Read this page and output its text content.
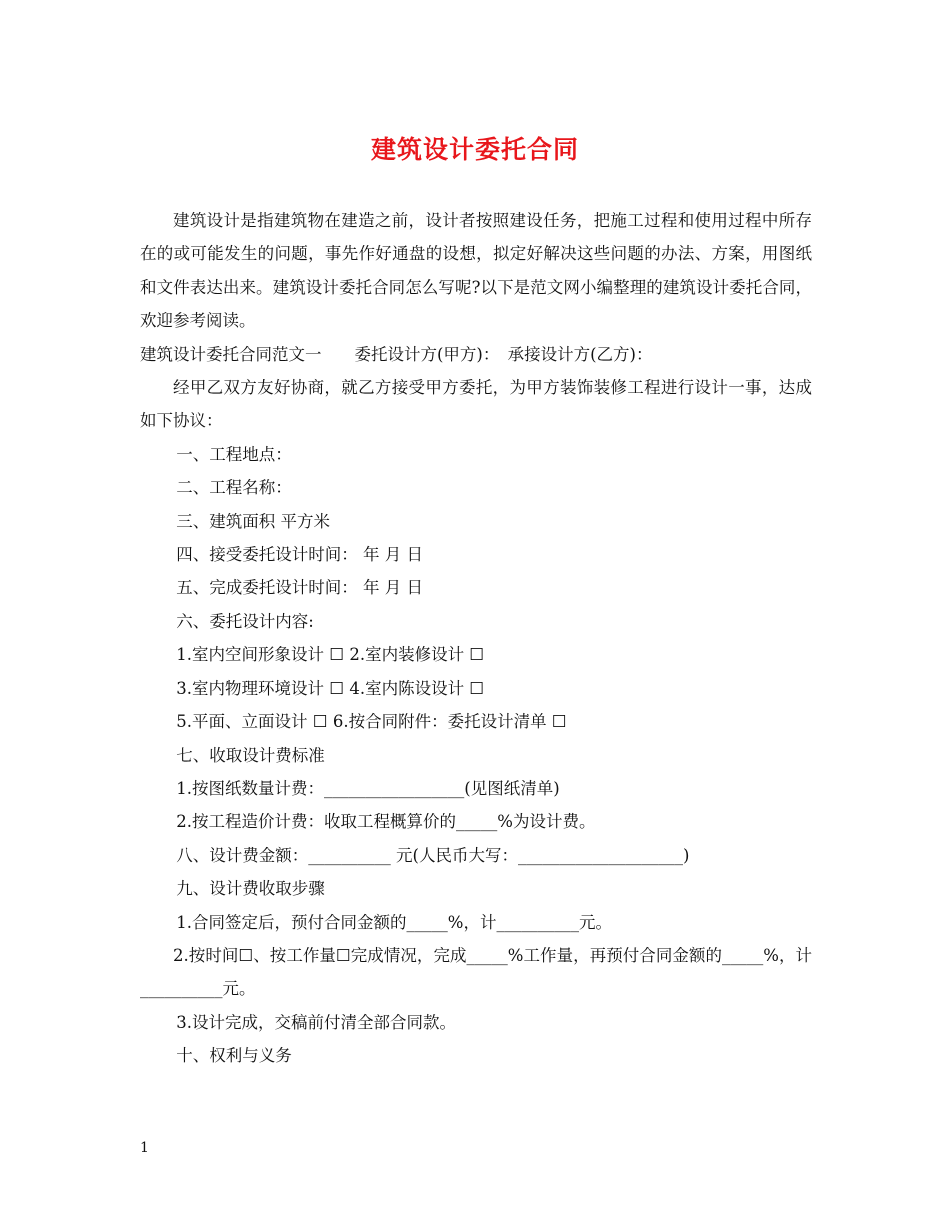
建筑设计委托合同

建筑设计是指建筑物在建造之前，设计者按照建设任务，把施工过程和使用过程中所存在的或可能发生的问题，事先作好通盘的设想，拟定好解决这些问题的办法、方案，用图纸和文件表达出来。建筑设计委托合同怎么写呢?以下是范文网小编整理的建筑设计委托合同，欢迎参考阅读。

建筑设计委托合同范文一　　委托设计方(甲方)：　承接设计方(乙方)：

经甲乙双方友好协商，就乙方接受甲方委托，为甲方装饰装修工程进行设计一事，达成如下协议：

一、工程地点：

二、工程名称：

三、建筑面积 平方米

四、接受委托设计时间： 年 月 日

五、完成委托设计时间： 年 月 日

六、委托设计内容:

1.室内空间形象设计 ☐ 2.室内装修设计 ☐

3.室内物理环境设计 ☐ 4.室内陈设设计 ☐

5.平面、立面设计 ☐ 6.按合同附件：委托设计清单 ☐

七、收取设计费标准

1.按图纸数量计费：_________________(见图纸清单)

2.按工程造价计费：收取工程概算价的_____%为设计费。

八、设计费金额：__________ 元(人民币大写：____________________)

九、设计费收取步骤

1.合同签定后，预付合同金额的_____%，计__________元。

2.按时间☐、按工作量☐完成情况，完成_____%工作量，再预付合同金额的_____%，计__________元。

3.设计完成，交稿前付清全部合同款。

十、权利与义务

1
